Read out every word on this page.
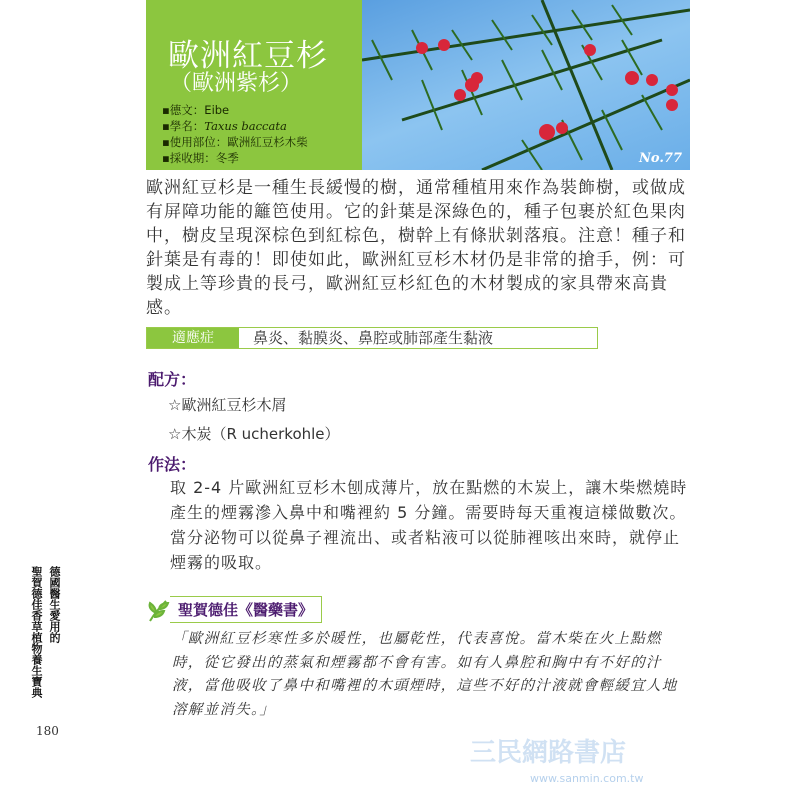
歐洲紅豆杉
（歐洲紫杉）
▪德文：Eibe
▪學名：Taxus baccata
▪使用部位：歐洲紅豆杉木柴
▪採收期：冬季	No.77
歐洲紅豆杉是一種生長緩慢的樹，通常種植用來作為裝飾樹，或做成有屏障功能的籬笆使用。它的針葉是深綠色的，種子包裹於紅色果肉中，樹皮呈現深棕色到紅棕色，樹幹上有條狀剝落痕。注意！種子和針葉是有毒的！即使如此，歐洲紅豆杉木材仍是非常的搶手，例：可製成上等珍貴的長弓，歐洲紅豆杉紅色的木材製成的家具帶來高貴感。
適應症	鼻炎、黏膜炎、鼻腔或肺部產生黏液
配方：
☆歐洲紅豆杉木屑
☆木炭（R ucherkohle）
作法：
取 2-4 片歐洲紅豆杉木刨成薄片，放在點燃的木炭上，讓木柴燃燒時產生的煙霧滲入鼻中和嘴裡約 5 分鐘。需要時每天重複這樣做數次。當分泌物可以從鼻子裡流出、或者粘液可以從肺裡咳出來時，就停止煙霧的吸取。
德國醫生愛用的
聖賀德佳香草植物養生寶典
180
聖賀德佳《醫藥書》
「歐洲紅豆杉寒性多於暖性，也屬乾性，代表喜悅。當木柴在火上點燃時，從它發出的蒸氣和煙霧都不會有害。如有人鼻腔和胸中有不好的汁液，當他吸收了鼻中和嘴裡的木頭煙時，這些不好的汁液就會輕緩宜人地溶解並消失。」
三民網路書店
www.sanmin.com.tw
